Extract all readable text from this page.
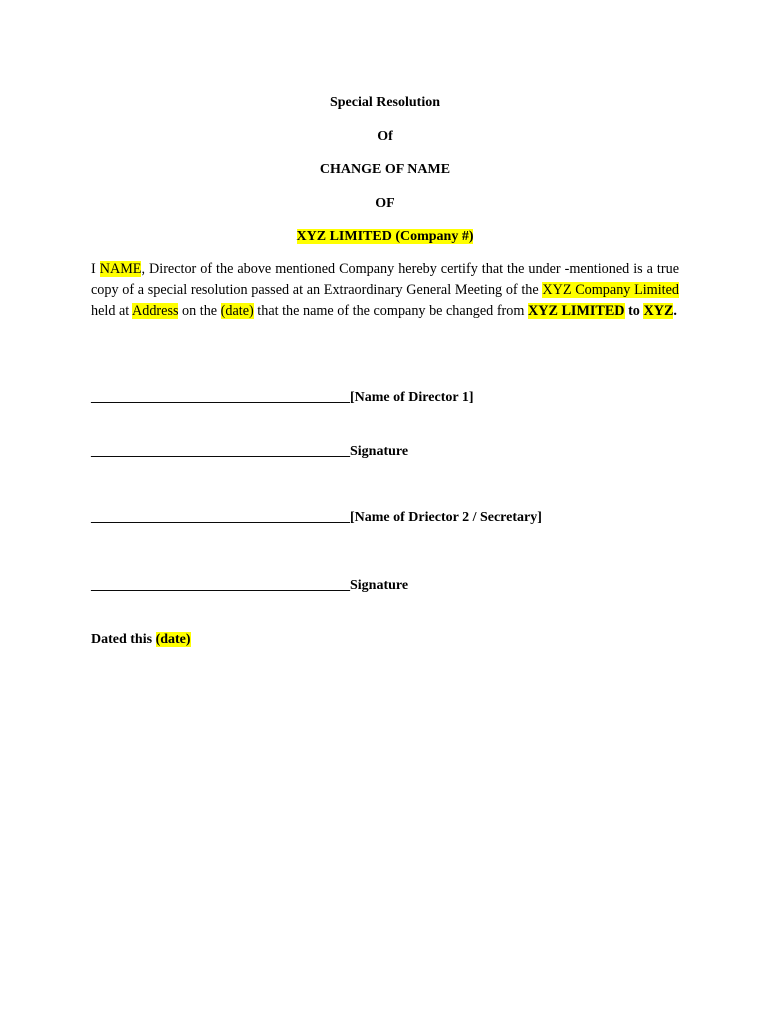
Special Resolution
Of
CHANGE OF NAME
OF
XYZ LIMITED (Company #)
I NAME, Director of the above mentioned Company hereby certify that the under -mentioned is a true copy of a special resolution passed at an Extraordinary General Meeting of the XYZ Company Limited held at Address on the (date) that the name of the company be changed from XYZ LIMITED to XYZ.
_____________________________________[Name of Director 1]
_____________________________________Signature
_____________________________________[Name of Driector 2 / Secretary]
_____________________________________Signature
Dated this (date)
